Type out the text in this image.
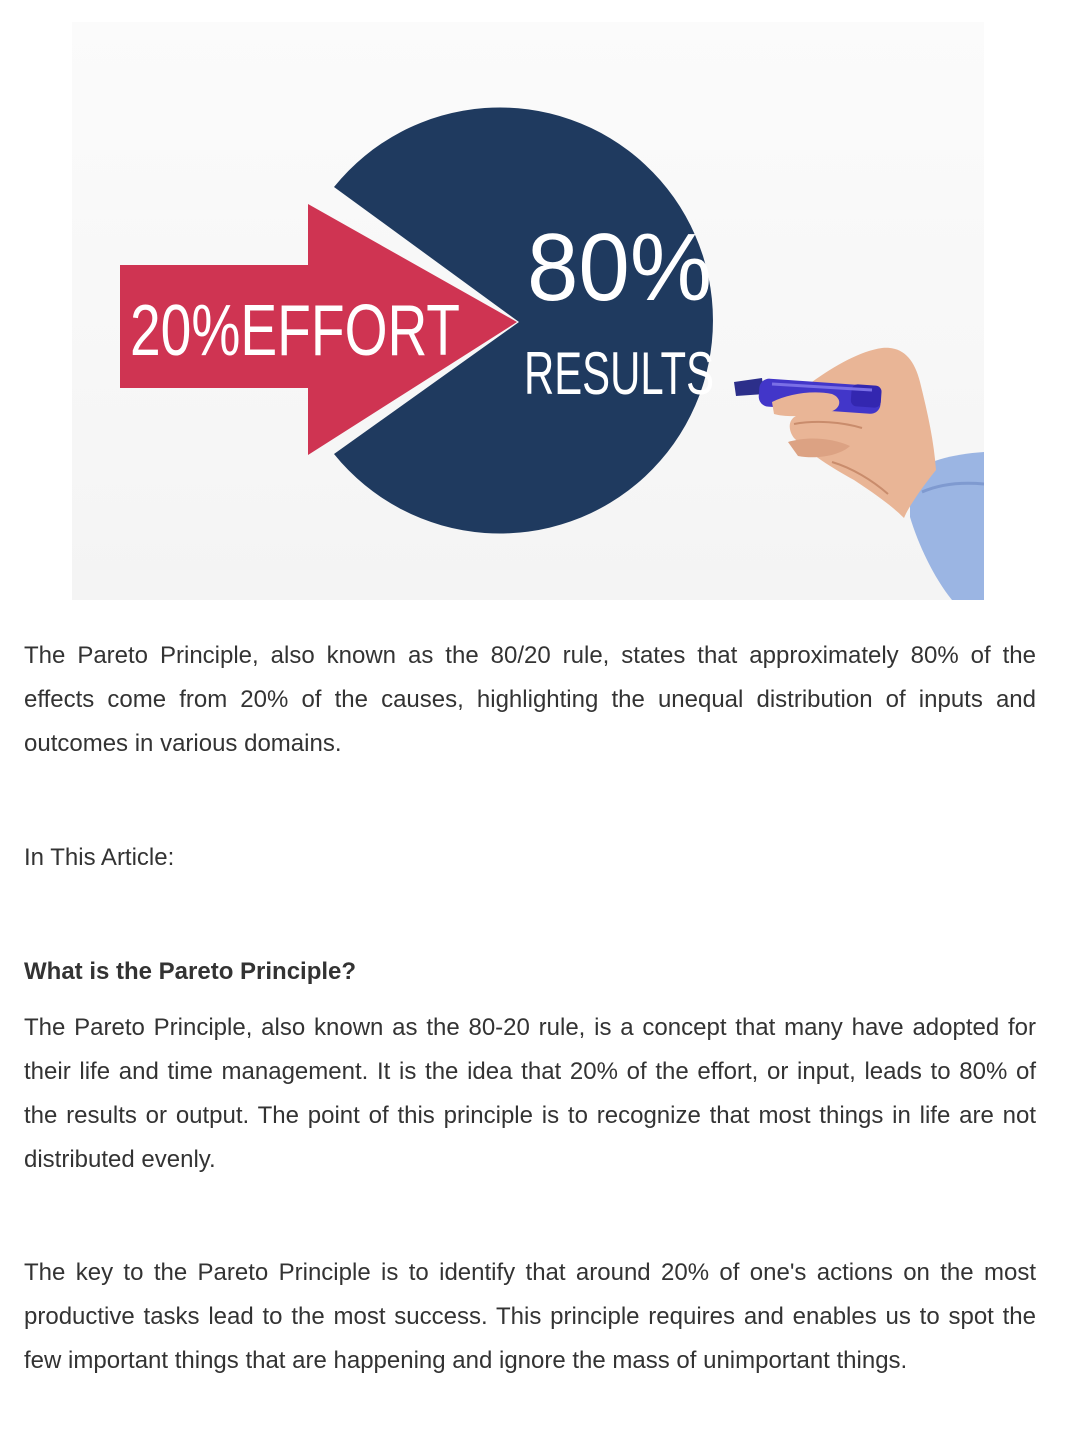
20%EFFORT
80%
RESULTS

The Pareto Principle, also known as the 80/20 rule, states that approximately 80% of the effects come from 20% of the causes, highlighting the unequal distribution of inputs and outcomes in various domains.

In This Article:

What is the Pareto Principle?

The Pareto Principle, also known as the 80-20 rule, is a concept that many have adopted for their life and time management. It is the idea that 20% of the effort, or input, leads to 80% of the results or output. The point of this principle is to recognize that most things in life are not distributed evenly.

The key to the Pareto Principle is to identify that around 20% of one's actions on the most productive tasks lead to the most success. This principle requires and enables us to spot the few important things that are happening and ignore the mass of unimportant things.
